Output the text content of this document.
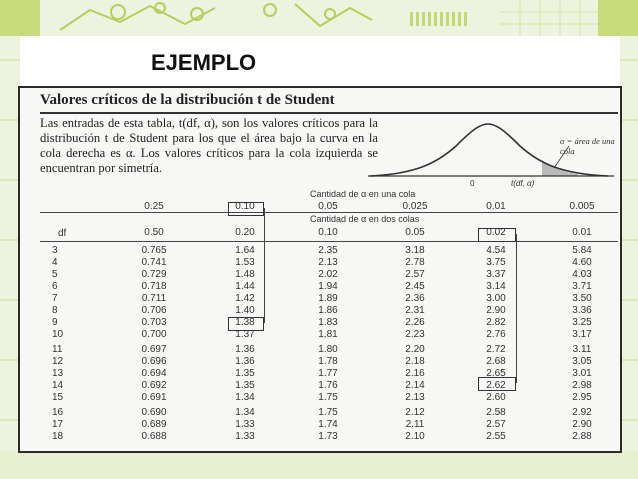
EJEMPLO
Valores críticos de la distribución t de Student
Las entradas de esta tabla, t(df, α), son los valores críticos para la distribución t de Student para los que el área bajo la curva en la cola derecha es α. Los valores críticos para la cola izquierda se encuentran por simetría.
α = área de una cola
0	t(df, α)
Cantidad de α en una cola
Cantidad de α en dos colas
df
3	0.765	1.64	2.35	3.18	4.54	5.84
4	0.741	1.53	2.13	2.78	3.75	4.60
5	0.729	1.48	2.02	2.57	3.37	4.03
6	0.718	1.44	1.94	2.45	3.14	3.71
7	0.711	1.42	1.89	2.36	3.00	3.50
8	0.706	1.40	1.86	2.31	2.90	3.36
9	0.703	1.38	1.83	2.26	2.82	3.25
10	0.700	1.37	1.81	2.23	2.76	3.17
11	0.697	1.36	1.80	2.20	2.72	3.11
12	0.696	1.36	1.78	2.18	2.68	3.05
13	0.694	1.35	1.77	2.16	2.65	3.01
14	0.692	1.35	1.76	2.14	2.62	2.98
15	0.691	1.34	1.75	2.13	2.60	2.95
16	0.690	1.34	1.75	2.12	2.58	2.92
17	0.689	1.33	1.74	2.11	2.57	2.90
18	0.688	1.33	1.73	2.10	2.55	2.88
0.25	0.10	0.05	0.025	0.01	0.005
0.50	0.20	0.10	0.05	0.02	0.01
